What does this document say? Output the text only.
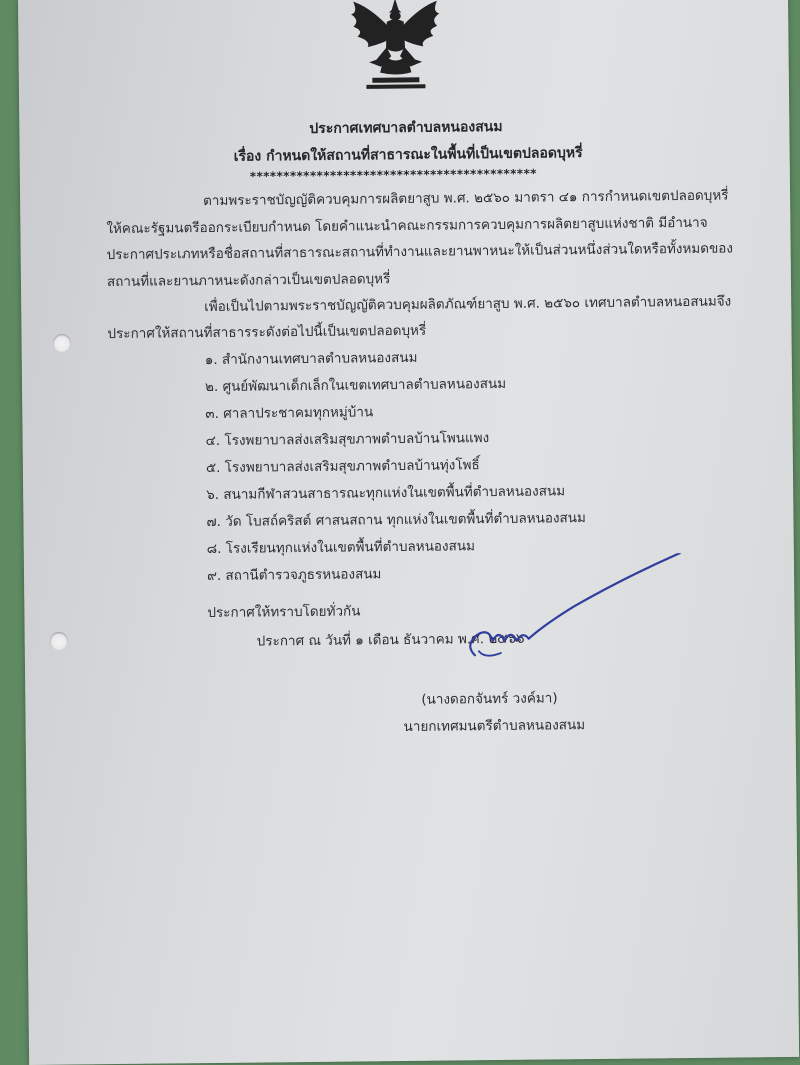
ประกาศเทศบาลตำบลหนองสนม
เรื่อง กำหนดให้สถานที่สาธารณะในพื้นที่เป็นเขตปลอดบุหรี่
*******************************************
ตามพระราชบัญญัติควบคุมการผลิตยาสูบ พ.ศ. ๒๕๖๐ มาตรา ๔๑ การกำหนดเขตปลอดบุหรี่
ให้คณะรัฐมนตรีออกระเบียบกำหนด โดยคำแนะนำคณะกรรมการควบคุมการผลิตยาสูบแห่งชาติ มีอำนาจ
ประกาศประเภทหรือชื่อสถานที่สาธารณะสถานที่ทำงานและยานพาหนะให้เป็นส่วนหนึ่งส่วนใดหรือทั้งหมดของ
สถานที่และยานภาหนะดังกล่าวเป็นเขตปลอดบุหรี่
เพื่อเป็นไปตามพระราชบัญญัติควบคุมผลิตภัณฑ์ยาสูบ พ.ศ. ๒๕๖๐ เทศบาลตำบลหนอสนมจึง
ประกาศให้สถานที่สาธารระดังต่อไปนี้เป็นเขตปลอดบุหรี่
๑. สำนักงานเทศบาลตำบลหนองสนม
๒. ศูนย์พัฒนาเด็กเล็กในเขตเทศบาลตำบลหนองสนม
๓. ศาลาประชาคมทุกหมู่บ้าน
๔. โรงพยาบาลส่งเสริมสุขภาพตำบลบ้านโพนแพง
๕. โรงพยาบาลส่งเสริมสุขภาพตำบลบ้านทุ่งโพธิ์
๖. สนามกีฬาสวนสาธารณะทุกแห่งในเขตพื้นที่ตำบลหนองสนม
๗. วัด โบสถ์คริสต์ ศาสนสถาน ทุกแห่งในเขตพื้นที่ตำบลหนองสนม
๘. โรงเรียนทุกแห่งในเขตพื้นที่ตำบลหนองสนม
๙. สถานีตำรวจภูธรหนองสนม
ประกาศให้ทราบโดยทั่วกัน
ประกาศ ณ วันที่ ๑ เดือน ธันวาคม พ.ศ. ๒๕๖๖
(นางดอกจันทร์ วงค์มา)
นายกเทศมนตรีตำบลหนองสนม
